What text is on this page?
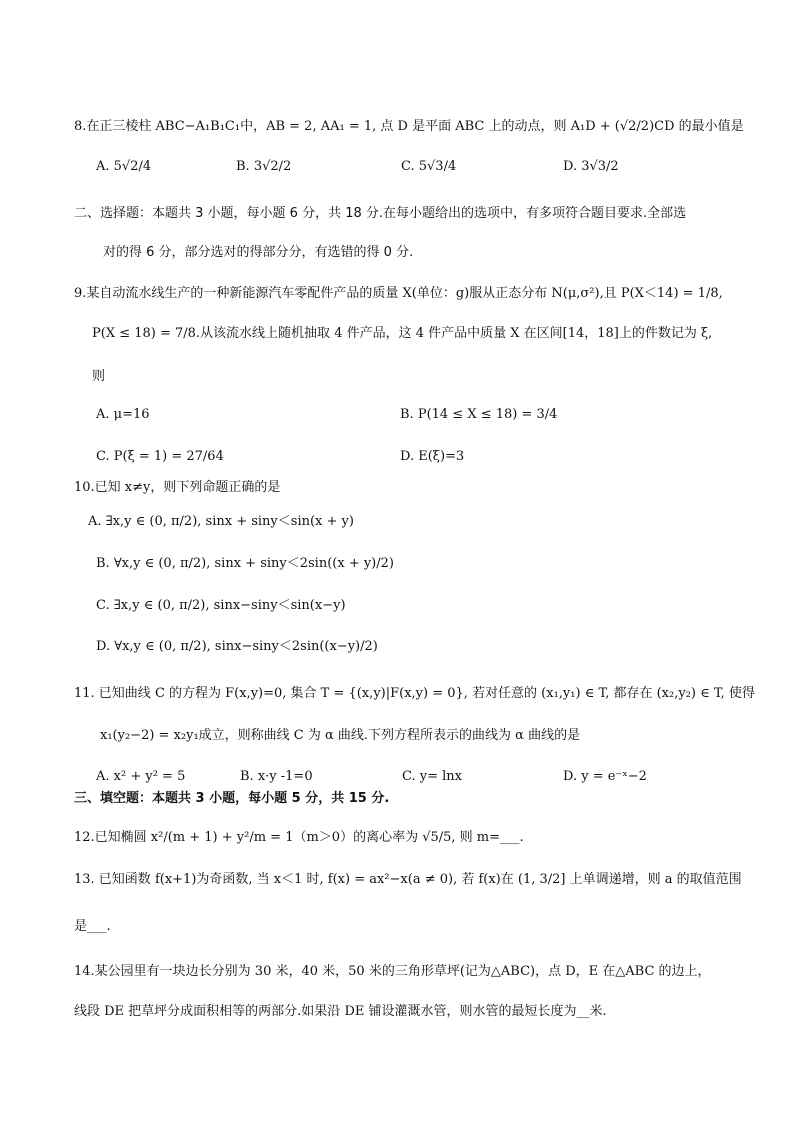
8.在正三棱柱 ABC−A₁B₁C₁中，AB = 2, AA₁ = 1, 点 D 是平面 ABC 上的动点，则 A₁D + (√2/2)CD 的最小值是
A. 5√2/4	B. 3√2/2	C. 5√3/4	D. 3√3/2
二、选择题：本题共 3 小题，每小题 6 分，共 18 分.在每小题给出的选项中，有多项符合题目要求.全部选
对的得 6 分，部分选对的得部分分，有选错的得 0 分.
9.某自动流水线生产的一种新能源汽车零配件产品的质量 X(单位：g)服从正态分布 N(μ,σ²),且 P(X＜14) = 1/8,
P(X ≤ 18) = 7/8.从该流水线上随机抽取 4 件产品，这 4 件产品中质量 X 在区间[14，18]上的件数记为 ξ,
则
A. μ=16	B. P(14 ≤ X ≤ 18) = 3/4
C. P(ξ = 1) = 27/64	D. E(ξ)=3
10.已知 x≠y，则下列命题正确的是
A. ∃x,y ∈ (0, π/2), sinx + siny＜sin(x + y)
B. ∀x,y ∈ (0, π/2), sinx + siny＜2sin((x + y)/2)
C. ∃x,y ∈ (0, π/2), sinx−siny＜sin(x−y)
D. ∀x,y ∈ (0, π/2), sinx−siny＜2sin((x−y)/2)
11. 已知曲线 C 的方程为 F(x,y)=0, 集合 T = {(x,y)|F(x,y) = 0}, 若对任意的 (x₁,y₁) ∈ T, 都存在 (x₂,y₂) ∈ T, 使得
x₁(y₂−2) = x₂y₁成立，则称曲线 C 为 α 曲线.下列方程所表示的曲线为 α 曲线的是
A. x² + y² = 5	B. x·y -1=0	C. y= lnx	D. y = e⁻ˣ−2
三、填空题：本题共 3 小题，每小题 5 分，共 15 分.
12.已知椭圆 x²/(m + 1) + y²/m = 1（m＞0）的离心率为 √5/5, 则 m=___.
13. 已知函数 f(x+1)为奇函数, 当 x＜1 时, f(x) = ax²−x(a ≠ 0), 若 f(x)在 (1, 3/2] 上单调递增，则 a 的取值范围
是___.
14.某公园里有一块边长分别为 30 米，40 米，50 米的三角形草坪(记为△ABC)，点 D，E 在△ABC 的边上，
线段 DE 把草坪分成面积相等的两部分.如果沿 DE 铺设灌溉水管，则水管的最短长度为__米.
